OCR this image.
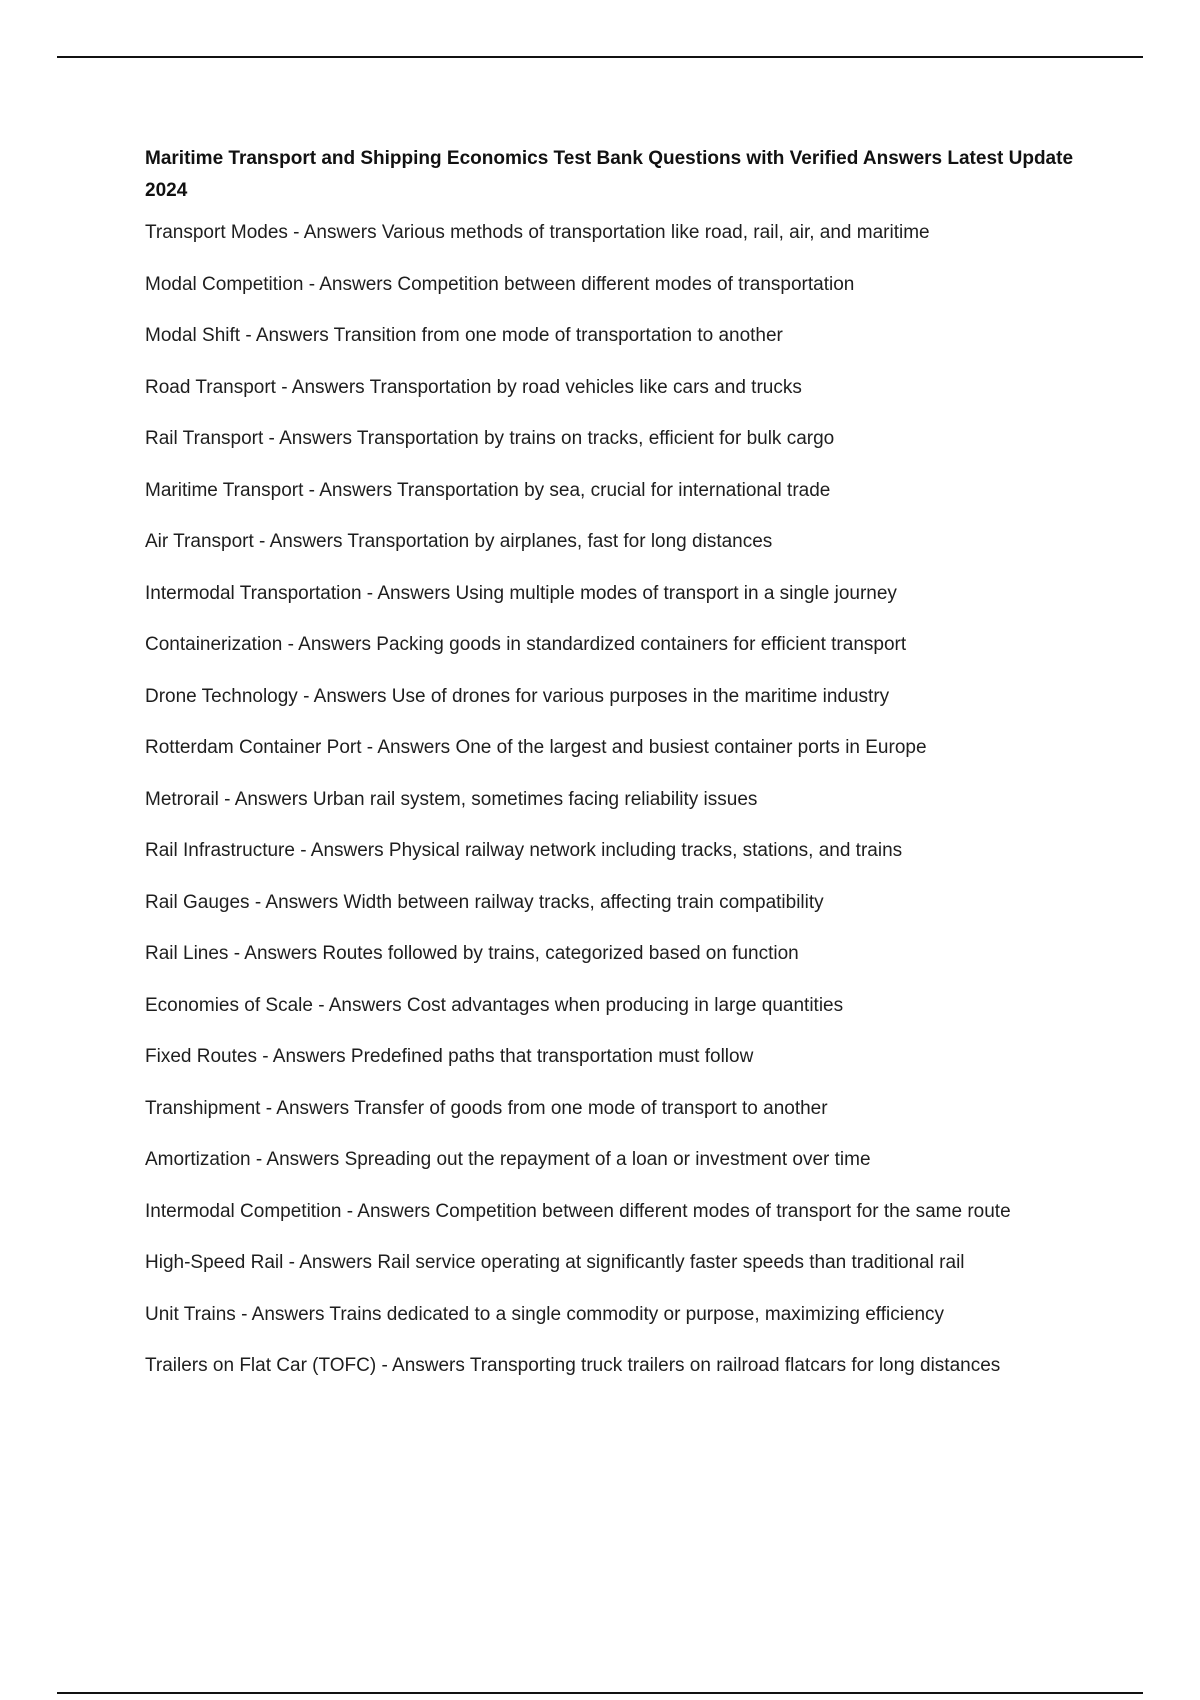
Maritime Transport and Shipping Economics Test Bank Questions with Verified Answers Latest Update 2024
Transport Modes - Answers Various methods of transportation like road, rail, air, and maritime
Modal Competition - Answers Competition between different modes of transportation
Modal Shift - Answers Transition from one mode of transportation to another
Road Transport - Answers Transportation by road vehicles like cars and trucks
Rail Transport - Answers Transportation by trains on tracks, efficient for bulk cargo
Maritime Transport - Answers Transportation by sea, crucial for international trade
Air Transport - Answers Transportation by airplanes, fast for long distances
Intermodal Transportation - Answers Using multiple modes of transport in a single journey
Containerization - Answers Packing goods in standardized containers for efficient transport
Drone Technology - Answers Use of drones for various purposes in the maritime industry
Rotterdam Container Port - Answers One of the largest and busiest container ports in Europe
Metrorail - Answers Urban rail system, sometimes facing reliability issues
Rail Infrastructure - Answers Physical railway network including tracks, stations, and trains
Rail Gauges - Answers Width between railway tracks, affecting train compatibility
Rail Lines - Answers Routes followed by trains, categorized based on function
Economies of Scale - Answers Cost advantages when producing in large quantities
Fixed Routes - Answers Predefined paths that transportation must follow
Transhipment - Answers Transfer of goods from one mode of transport to another
Amortization - Answers Spreading out the repayment of a loan or investment over time
Intermodal Competition - Answers Competition between different modes of transport for the same route
High-Speed Rail - Answers Rail service operating at significantly faster speeds than traditional rail
Unit Trains - Answers Trains dedicated to a single commodity or purpose, maximizing efficiency
Trailers on Flat Car (TOFC) - Answers Transporting truck trailers on railroad flatcars for long distances
